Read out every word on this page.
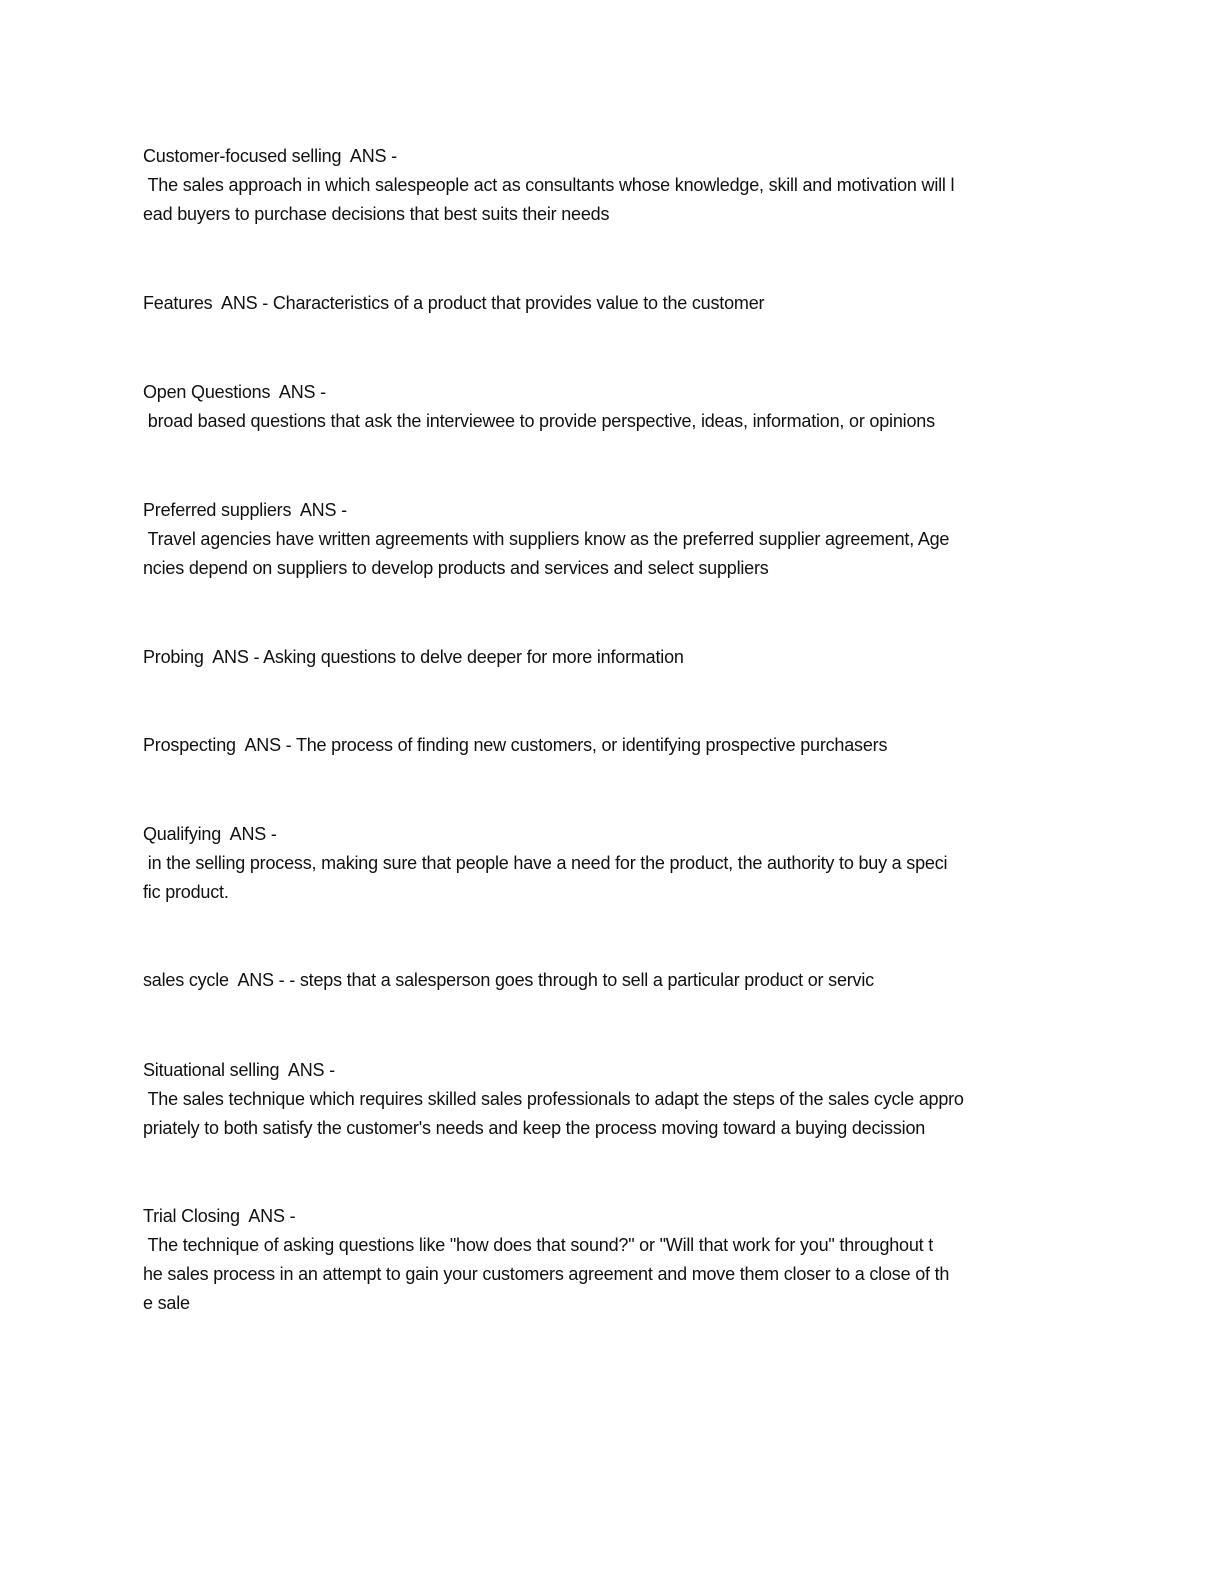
Customer-focused selling  ANS -

The sales approach in which salespeople act as consultants whose knowledge, skill and motivation will l

ead buyers to purchase decisions that best suits their needs

Features  ANS - Characteristics of a product that provides value to the customer

Open Questions  ANS -

broad based questions that ask the interviewee to provide perspective, ideas, information, or opinions

Preferred suppliers  ANS -

Travel agencies have written agreements with suppliers know as the preferred supplier agreement, Age

ncies depend on suppliers to develop products and services and select suppliers

Probing  ANS - Asking questions to delve deeper for more information

Prospecting  ANS - The process of finding new customers, or identifying prospective purchasers

Qualifying  ANS -

in the selling process, making sure that people have a need for the product, the authority to buy a speci

fic product.

sales cycle  ANS - - steps that a salesperson goes through to sell a particular product or servic

Situational selling  ANS -

The sales technique which requires skilled sales professionals to adapt the steps of the sales cycle appro

priately to both satisfy the customer's needs and keep the process moving toward a buying decission

Trial Closing  ANS -

The technique of asking questions like "how does that sound?" or "Will that work for you" throughout t

he sales process in an attempt to gain your customers agreement and move them closer to a close of th

e sale
